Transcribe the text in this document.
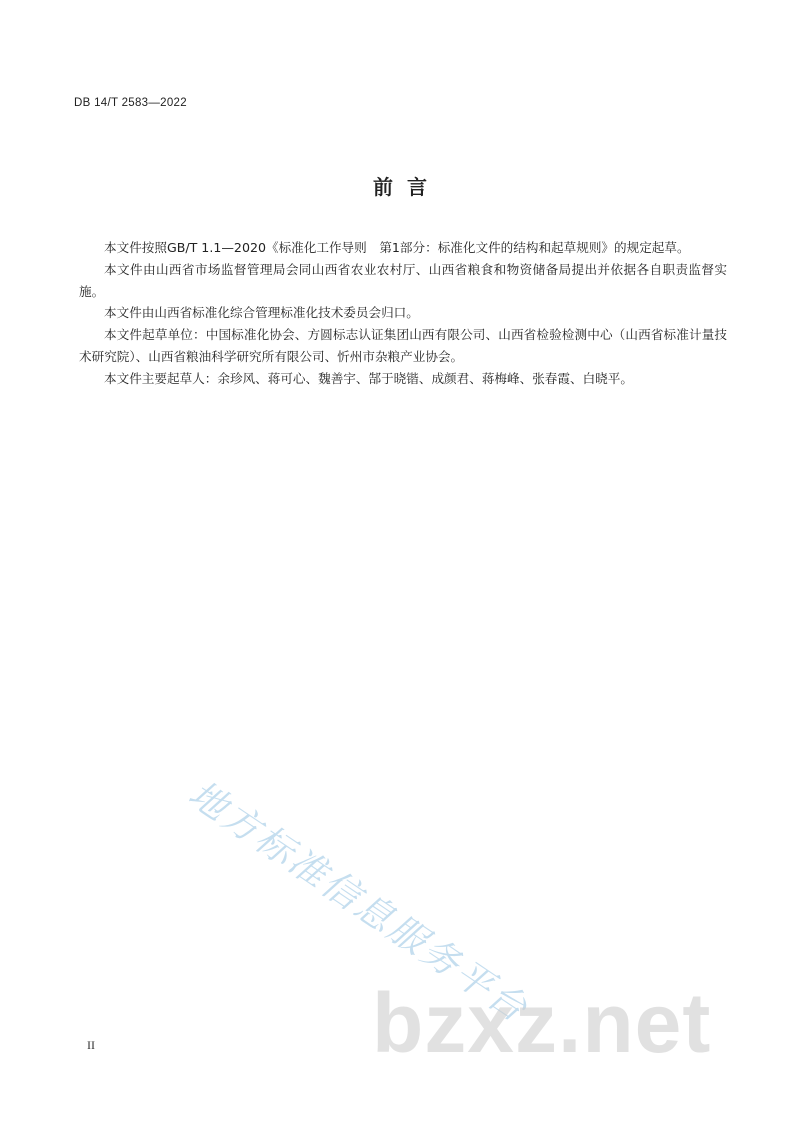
DB 14/T 2583—2022
前言

本文件按照GB/T 1.1—2020《标准化工作导则　第1部分：标准化文件的结构和起草规则》的规定起草。

本文件由山西省市场监督管理局会同山西省农业农村厅、山西省粮食和物资储备局提出并依据各自职责监督实施。

本文件由山西省标准化综合管理标准化技术委员会归口。

本文件起草单位：中国标准化协会、方圆标志认证集团山西有限公司、山西省检验检测中心（山西省标准计量技术研究院）、山西省粮油科学研究所有限公司、忻州市杂粮产业协会。

本文件主要起草人：余珍风、蒋可心、魏善宇、郜于晓锴、成颜君、蒋梅峰、张春霞、白晓平。

地方标准信息服务平台
bzxz.net
II
